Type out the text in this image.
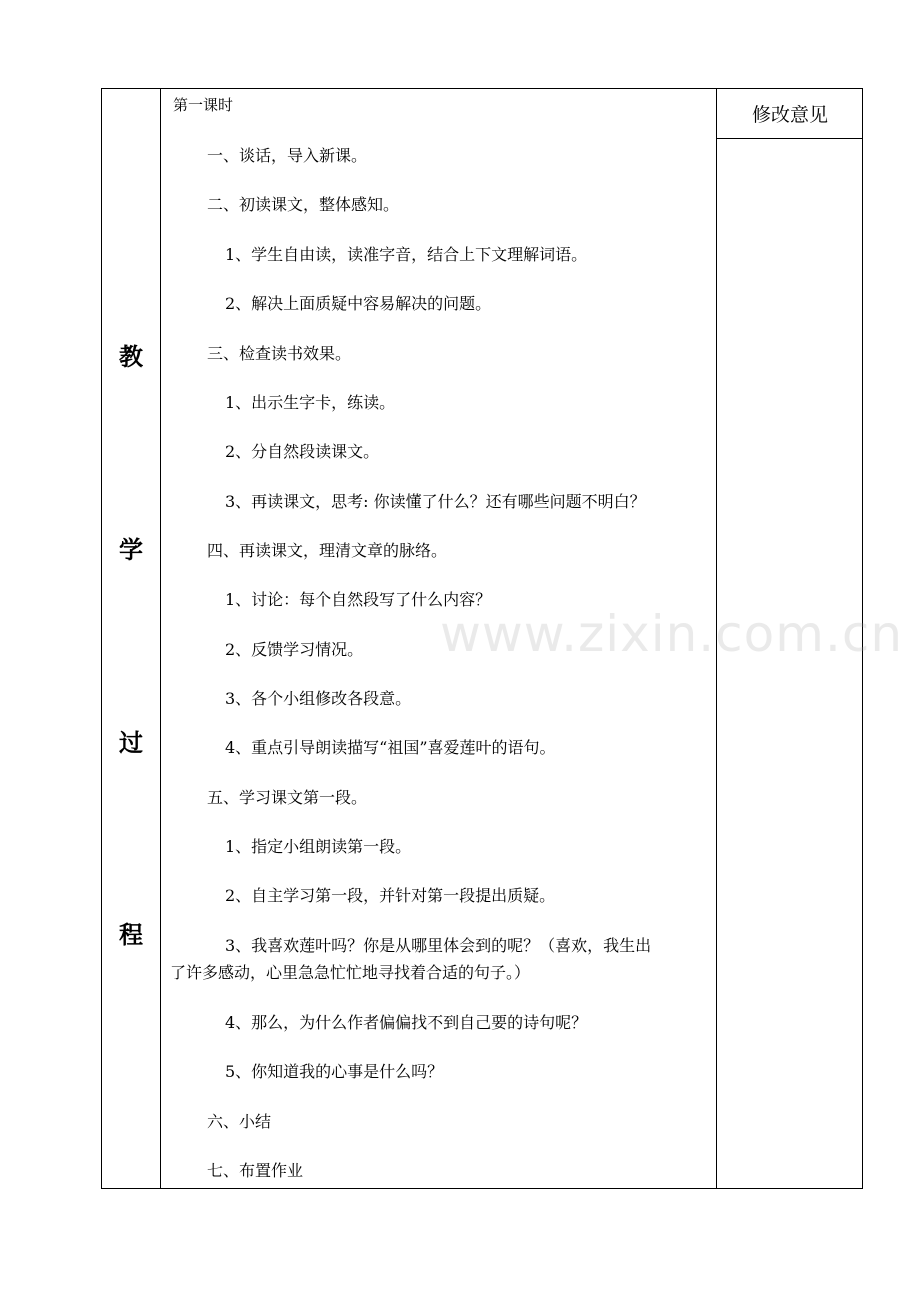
教
学
过
程
修改意见
第一课时
一、谈话，导入新课。
二、初读课文，整体感知。
1、学生自由读，读准字音，结合上下文理解词语。
2、解决上面质疑中容易解决的问题。
三、检查读书效果。
1、出示生字卡，练读。
2、分自然段读课文。
3、再读课文，思考: 你读懂了什么？还有哪些问题不明白？
四、再读课文，理清文章的脉络。
1、讨论：每个自然段写了什么内容？
2、反馈学习情况。
3、各个小组修改各段意。
4、重点引导朗读描写“祖国”喜爱莲叶的语句。
五、学习课文第一段。
1、指定小组朗读第一段。
2、自主学习第一段，并针对第一段提出质疑。
3、我喜欢莲叶吗？你是从哪里体会到的呢？（喜欢，我生出
了许多感动，心里急急忙忙地寻找着合适的句子。）
4、那么，为什么作者偏偏找不到自己要的诗句呢？
5、你知道我的心事是什么吗？
六、小结
七、布置作业
www.zixin.com.cn
